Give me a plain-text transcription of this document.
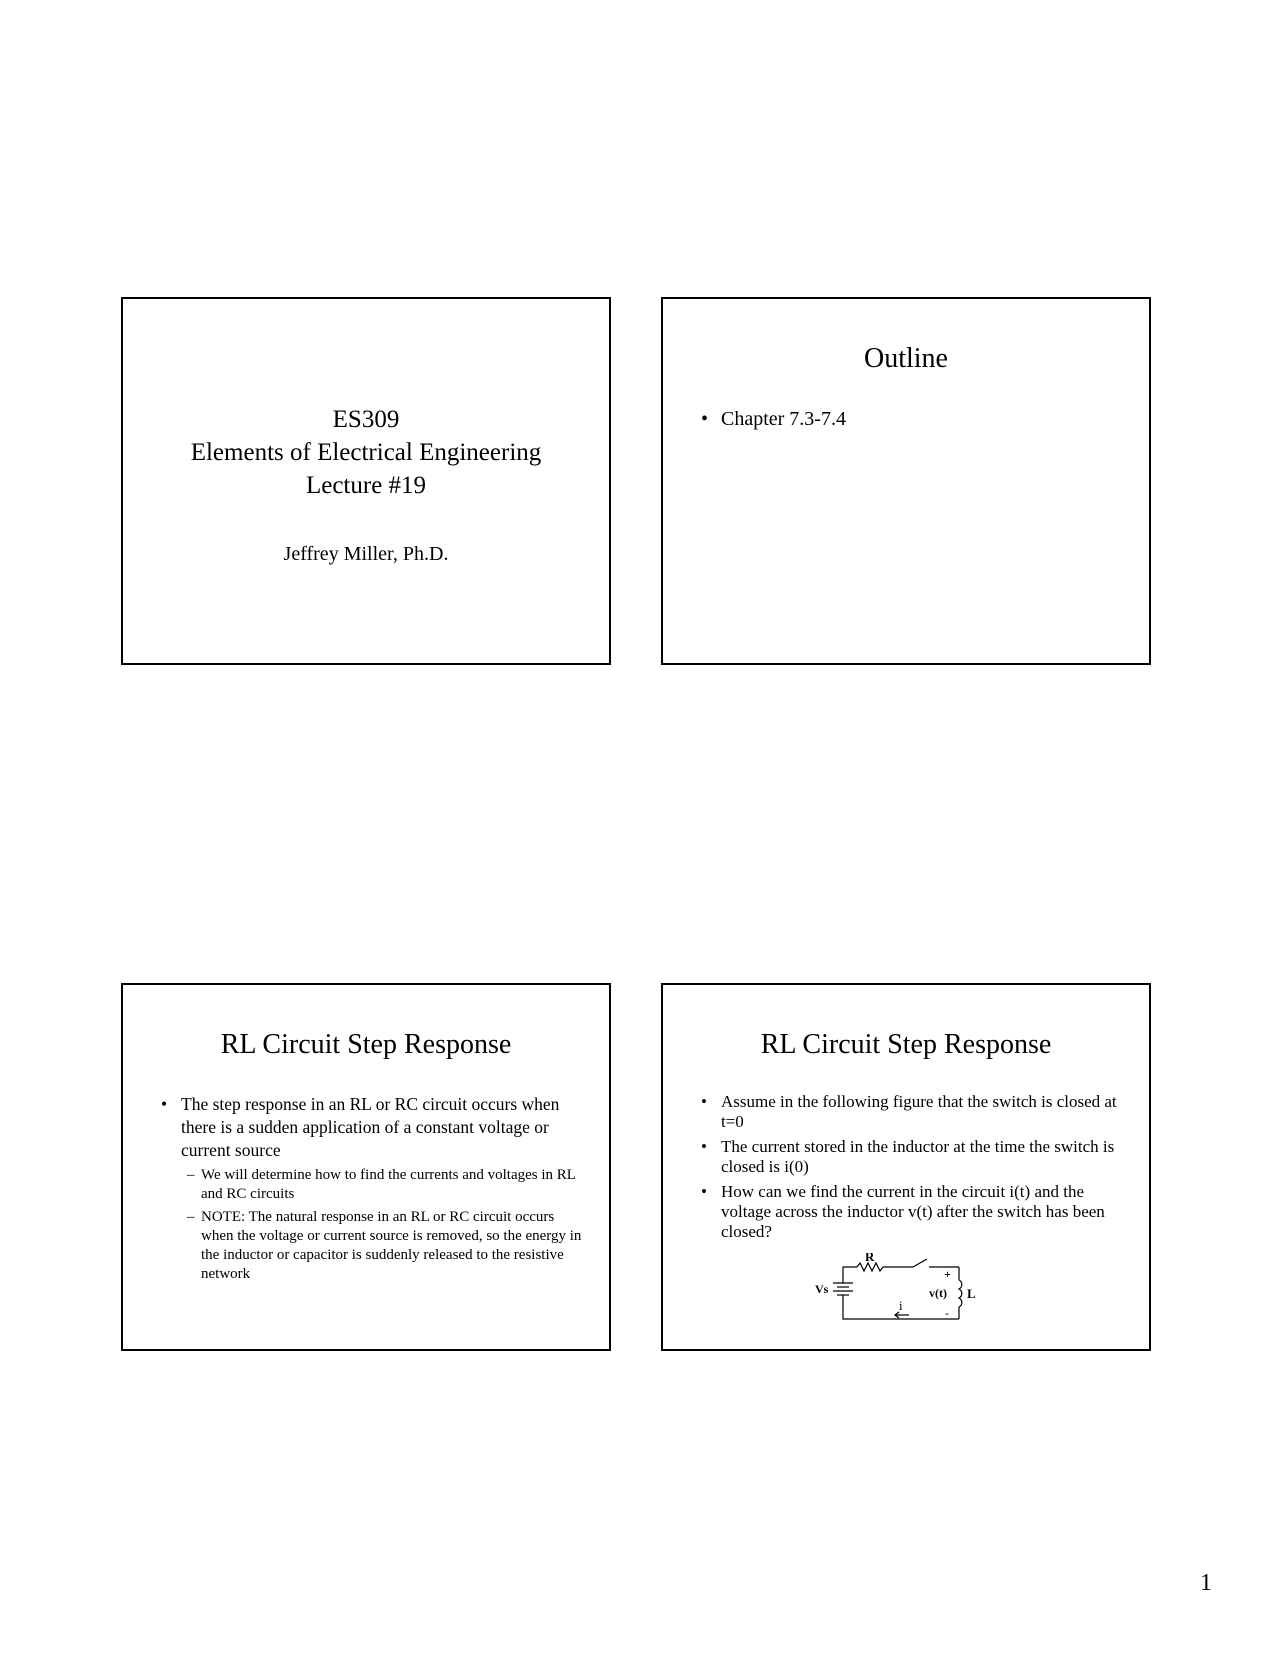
ES309
Elements of Electrical Engineering
Lecture #19
Jeffrey Miller, Ph.D.
Outline
• Chapter 7.3-7.4
RL Circuit Step Response
• The step response in an RL or RC circuit occurs when there is a sudden application of a constant voltage or current source
– We will determine how to find the currents and voltages in RL and RC circuits
– NOTE: The natural response in an RL or RC circuit occurs when the voltage or current source is removed, so the energy in the inductor or capacitor is suddenly released to the resistive network
RL Circuit Step Response
• Assume in the following figure that the switch is closed at t=0
• The current stored in the inductor at the time the switch is closed is i(0)
• How can we find the current in the circuit i(t) and the voltage across the inductor v(t) after the switch has been closed?
R
Vs
i
v(t) L
+
-
1
